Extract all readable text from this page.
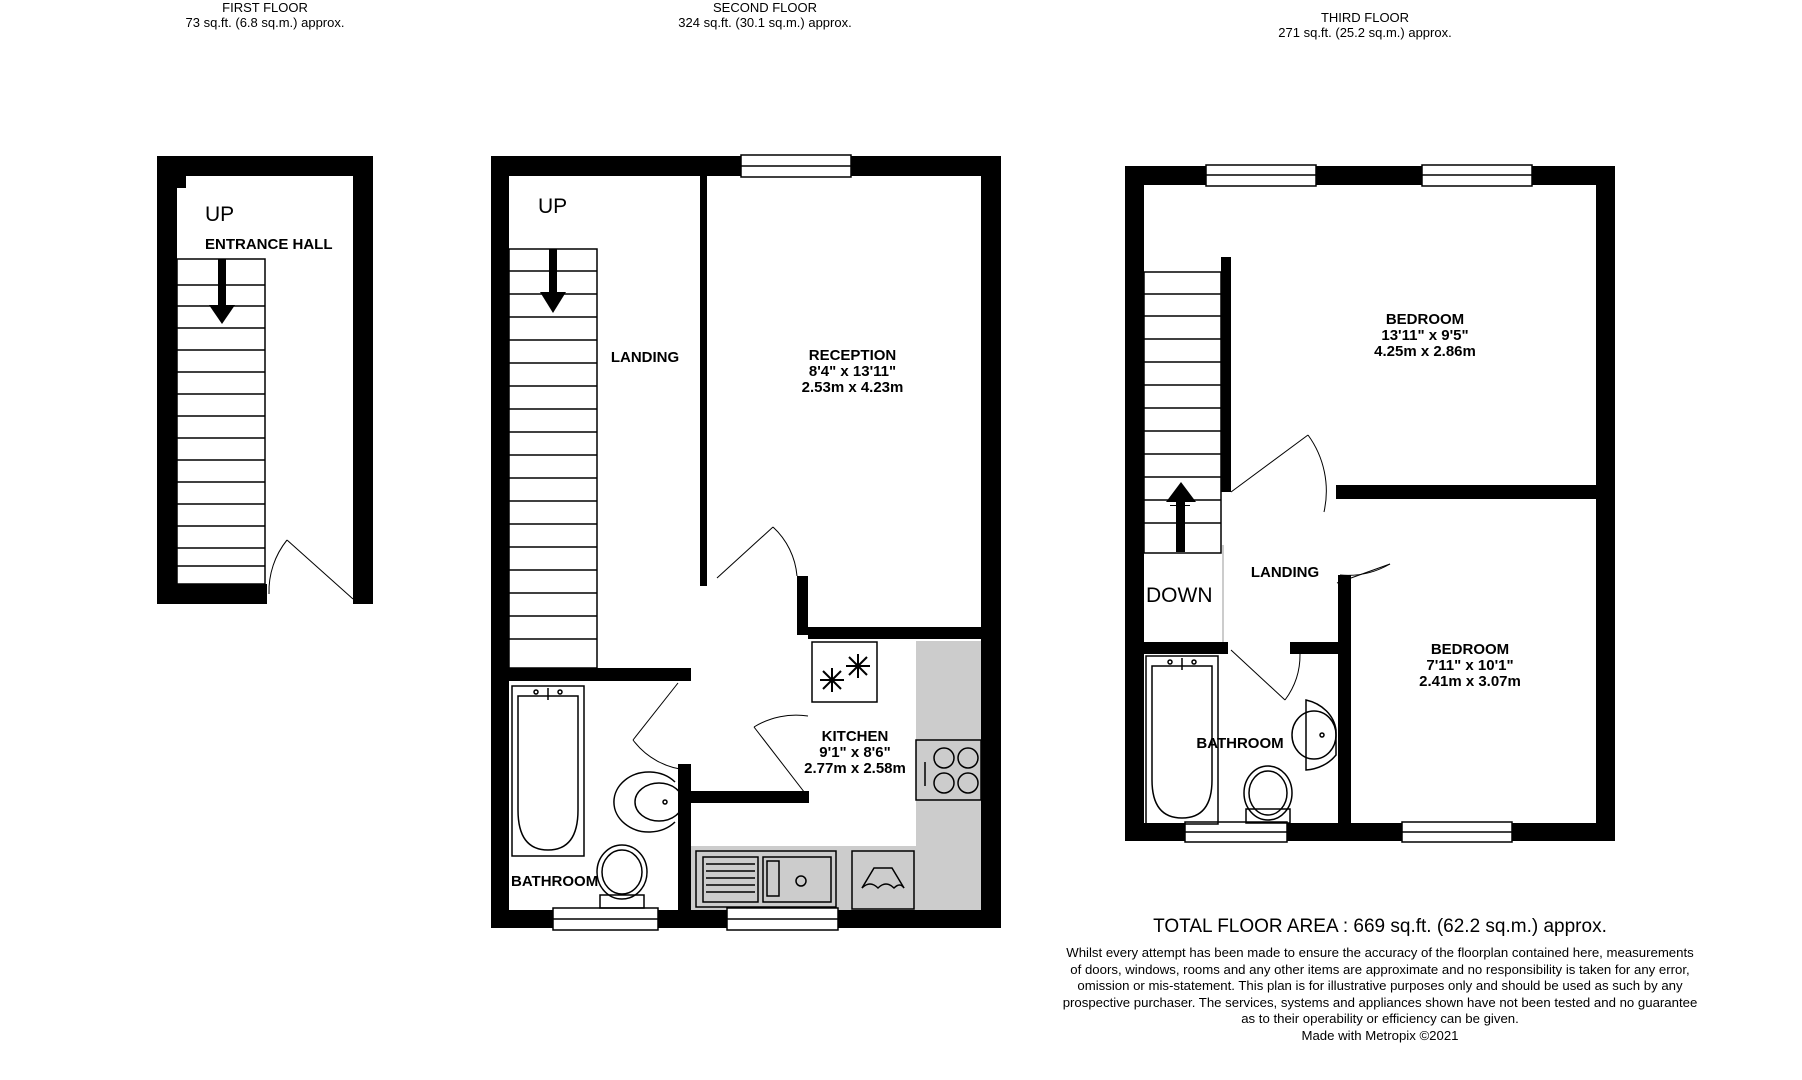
FIRST FLOOR
73 sq.ft. (6.8 sq.m.) approx.
SECOND FLOOR
324 sq.ft. (30.1 sq.m.) approx.	THIRD FLOOR
271 sq.ft. (25.2 sq.m.) approx.
UP
ENTRANCE HALL
UP
LANDING	RECEPTION
8'4" x 13'11"
2.53m x 4.23m
KITCHEN
9'1" x 8'6"
2.77m x 2.58m
BATHROOM
BEDROOM
13'11" x 9'5"
4.25m x 2.86m
BEDROOM
7'11" x 10'1"
2.41m x 3.07m
LANDING
DOWN
BATHROOM
TOTAL FLOOR AREA : 669 sq.ft. (62.2 sq.m.) approx.
Whilst every attempt has been made to ensure the accuracy of the floorplan contained here, measurements
of doors, windows, rooms and any other items are approximate and no responsibility is taken for any error,
omission or mis-statement. This plan is for illustrative purposes only and should be used as such by any
prospective purchaser. The services, systems and appliances shown have not been tested and no guarantee
as to their operability or efficiency can be given.
Made with Metropix ©2021
